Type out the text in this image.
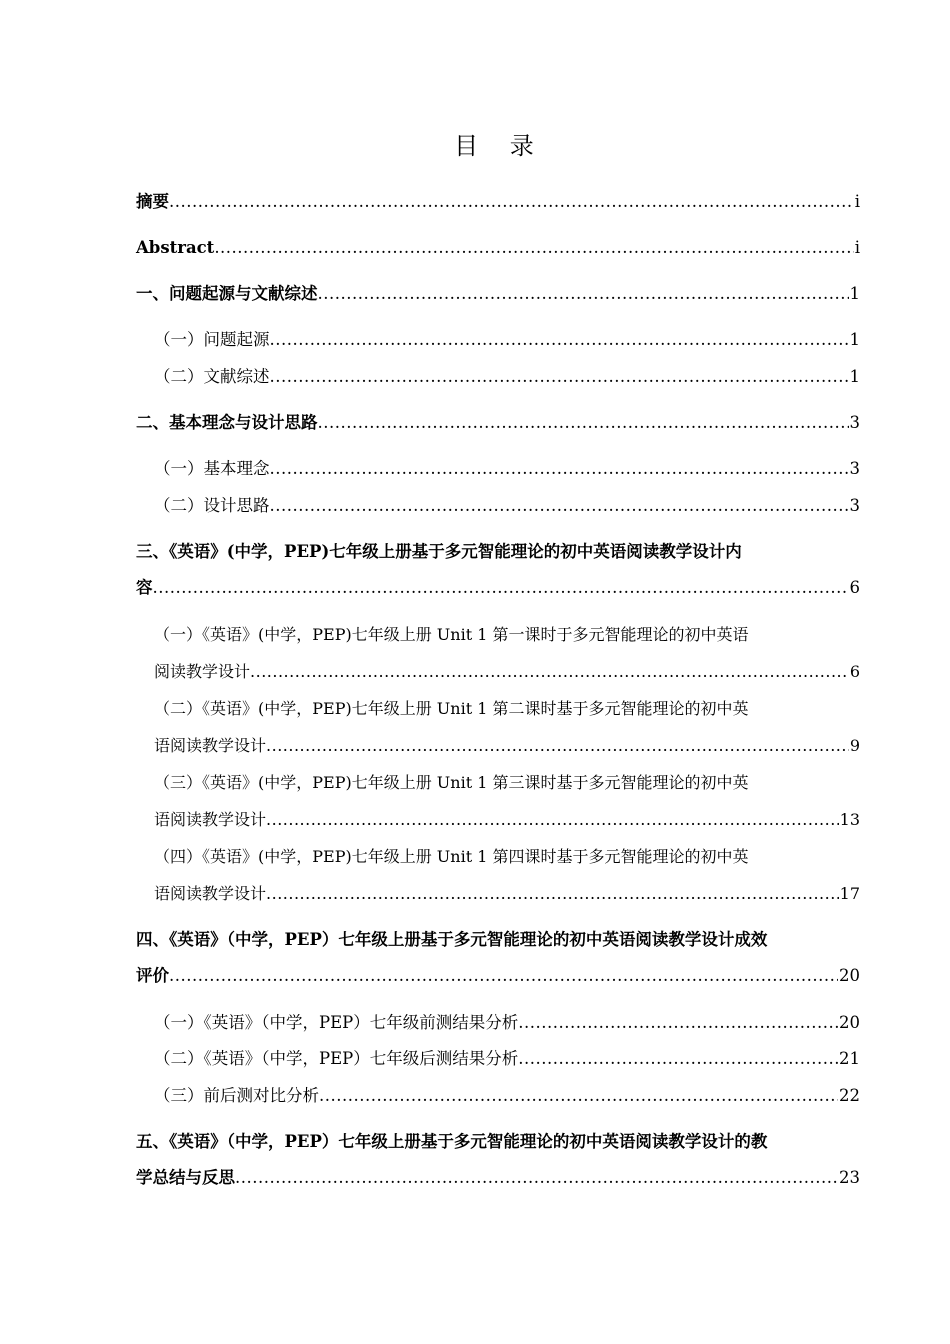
目 录
摘要 .....	i
Abstract .....	i
一、问题起源与文献综述 .....	1
（一）问题起源 .....	1
（二）文献综述 .....	1
二、基本理念与设计思路 .....	3
（一）基本理念 .....	3
（二）设计思路 .....	3
三、《英语》(中学，PEP)七年级上册基于多元智能理论的初中英语阅读教学设计内
容 .....	6
（一）《英语》(中学，PEP)七年级上册 Unit 1 第一课时于多元智能理论的初中英语
阅读教学设计 .....	6
（二）《英语》(中学，PEP)七年级上册 Unit 1 第二课时基于多元智能理论的初中英
语阅读教学设计 .....	9
（三）《英语》(中学，PEP)七年级上册 Unit 1 第三课时基于多元智能理论的初中英
语阅读教学设计 .....	13
（四）《英语》(中学，PEP)七年级上册 Unit 1 第四课时基于多元智能理论的初中英
语阅读教学设计 .....	17
四、《英语》（中学，PEP）七年级上册基于多元智能理论的初中英语阅读教学设计成效
评价 .....	20
（一）《英语》（中学，PEP）七年级前测结果分析 .....	20
（二）《英语》（中学，PEP）七年级后测结果分析 .....	21
（三）前后测对比分析 .....	22
五、《英语》（中学，PEP）七年级上册基于多元智能理论的初中英语阅读教学设计的教
学总结与反思 .....	23
